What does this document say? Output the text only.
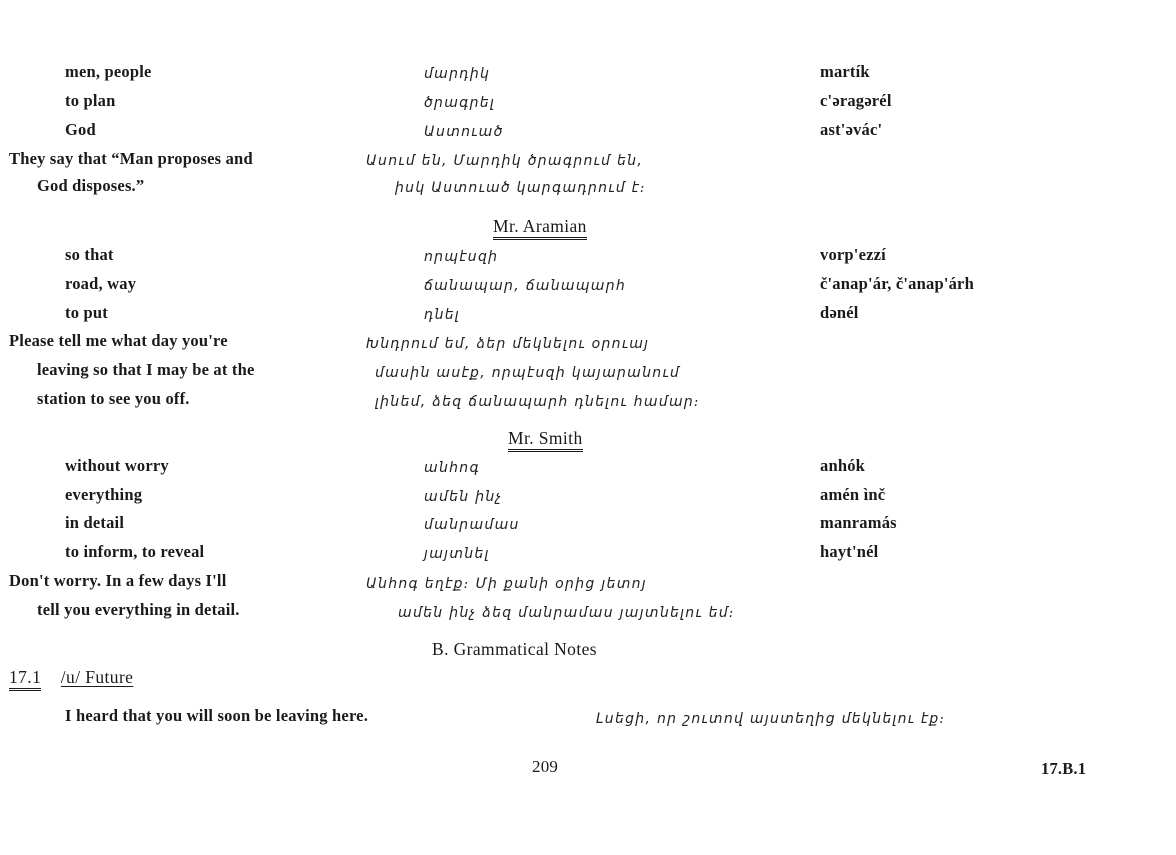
men, people	մարդիկ	martík
to plan	ծրագրել	c'ǝragǝrél
God	Աստուած	ast'ǝvác'
They say that “Man proposes and
God disposes.”
Ասում են, Մարդիկ ծրագրում են,
իսկ Աստուած կարգադրում է։
Mr. Aramian
so that	որպէսզի	vorp'ezzí
road, way	ճանապար, ճանապարհ	č'anap'ár, č'anap'árh
to put	դնել	dǝnél
Please tell me what day you're
leaving so that I may be at the
station to see you off.
Խնդրում եմ, ձեր մեկնելու օրուայ
մասին ասէք, որպէսզի կայարանում
լինեմ, ձեզ ճանապարհ դնելու համար։
Mr. Smith
without worry	անհոգ	anhók
everything	ամեն ինչ	amén ìnč
in detail	մանրամաս	manramás
to inform, to reveal	յայտնել	hayt'nél
Don't worry. In a few days I'll
tell you everything in detail.
Անհոգ եղէք։ Մի քանի օրից յետոյ
ամեն ինչ ձեզ մանրամաս յայտնելու եմ։
B. Grammatical Notes
17.1 /u/ Future
I heard that you will soon be leaving here.	Լսեցի, որ շուտով այստեղից մեկնելու էք։
209	17.B.1
